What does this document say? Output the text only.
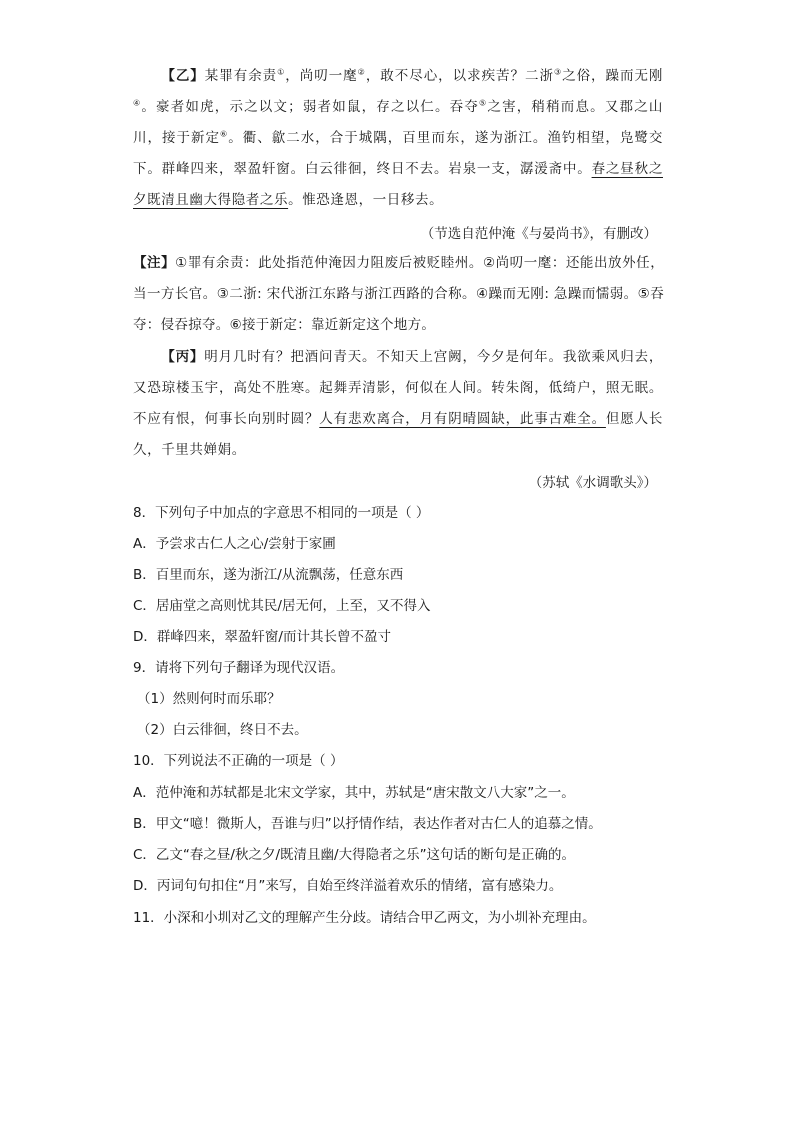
【乙】某罪有余责①，尚叨一麾②，敢不尽心，以求疾苦？二浙③之俗，躁而无刚④。豪者如虎，示之以文；弱者如鼠，存之以仁。吞夺⑤之害，稍稍而息。又郡之山川，接于新定⑥。衢、歙二水，合于城隅，百里而东，遂为浙江。渔钓相望，凫鹭交下。群峰四来，翠盈轩窗。白云徘徊，终日不去。岩泉一支，潺湲斋中。春之昼秋之夕既清且幽大得隐者之乐。惟恐逢恩，一日移去。
（节选自范仲淹《与晏尚书》，有删改）
【注】①罪有余责：此处指范仲淹因力阻废后被贬睦州。②尚叨一麾：还能出放外任，当一方长官。③二浙: 宋代浙江东路与浙江西路的合称。④躁而无刚: 急躁而懦弱。⑤吞夺：侵吞掠夺。⑥接于新定：靠近新定这个地方。
【丙】明月几时有？把酒问青天。不知天上宫阙，今夕是何年。我欲乘风归去，又恐琼楼玉宇，高处不胜寒。起舞弄清影，何似在人间。转朱阁，低绮户，照无眠。不应有恨，何事长向别时圆？人有悲欢离合，月有阴晴圆缺，此事古难全。但愿人长久，千里共婵娟。
（苏轼《水调歌头》）
8．下列句子中加点的字意思不相同的一项是（ ）
A．予尝求古仁人之心/尝射于家圃
B．百里而东，遂为浙江/从流飘荡，任意东西
C．居庙堂之高则忧其民/居无何，上至，又不得入
D．群峰四来，翠盈轩窗/而计其长曾不盈寸
9．请将下列句子翻译为现代汉语。
（1）然则何时而乐耶？
（2）白云徘徊，终日不去。
10．下列说法不正确的一项是（ ）
A．范仲淹和苏轼都是北宋文学家，其中，苏轼是“唐宋散文八大家”之一。
B．甲文“噫！微斯人，吾谁与归”以抒情作结，表达作者对古仁人的追慕之情。
C．乙文“春之昼/秋之夕/既清且幽/大得隐者之乐”这句话的断句是正确的。
D．丙词句句扣住“月”来写，自始至终洋溢着欢乐的情绪，富有感染力。
11．小深和小圳对乙文的理解产生分歧。请结合甲乙两文，为小圳补充理由。
